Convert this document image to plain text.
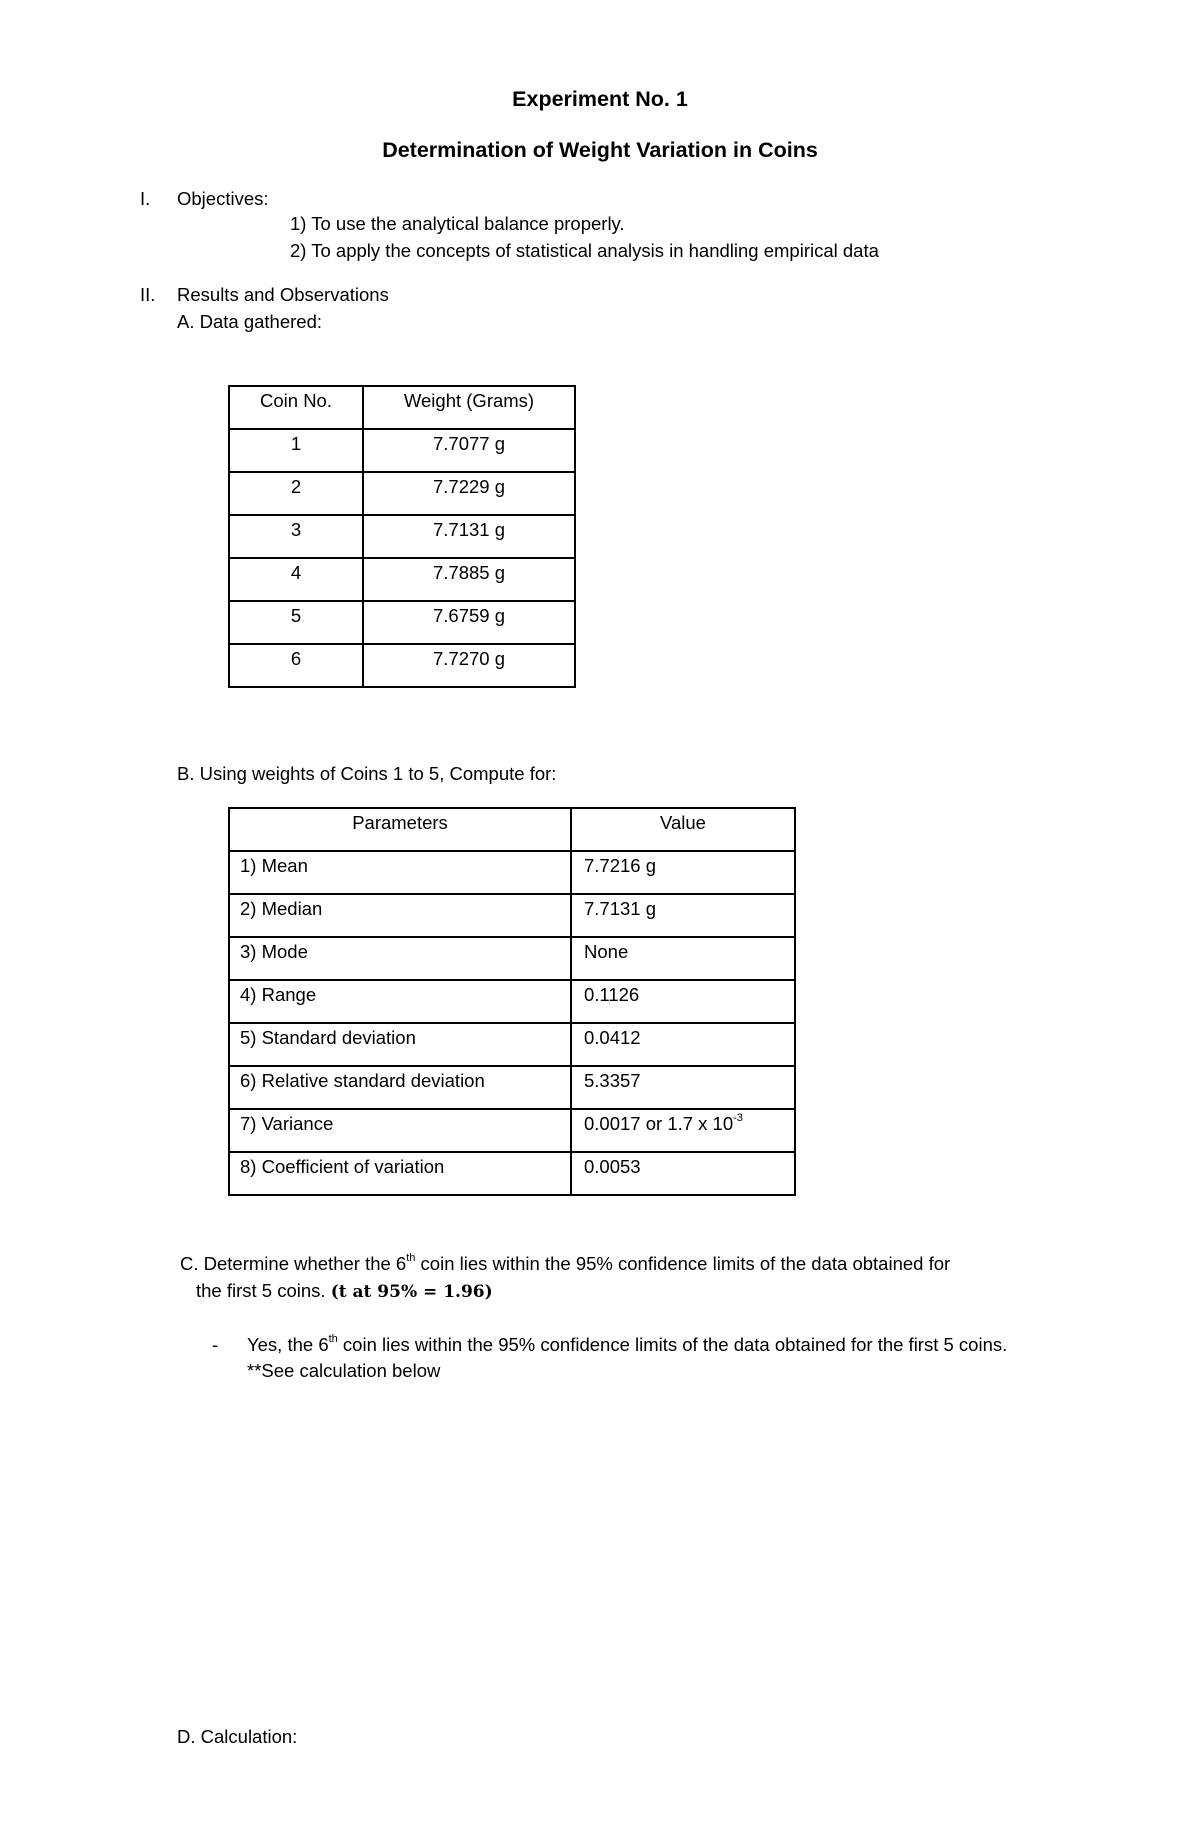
Experiment No. 1
Determination of Weight Variation in Coins
I. Objectives:
1) To use the analytical balance properly.
2) To apply the concepts of statistical analysis in handling empirical data
II. Results and Observations
A. Data gathered:
Coin No.	Weight (Grams)
1	7.7077 g
2	7.7229 g
3	7.7131 g
4	7.7885 g
5	7.6759 g
6	7.7270 g
B. Using weights of Coins 1 to 5, Compute for:
Parameters	Value
1) Mean	7.7216 g
2) Median	7.7131 g
3) Mode	None
4) Range	0.1126
5) Standard deviation	0.0412
6) Relative standard deviation	5.3357
7) Variance	0.0017 or 1.7 x $10^{-3}$
8) Coefficient of variation	0.0053
C. Determine whether the 6th coin lies within the 95% confidence limits of the data obtained for
the first 5 coins. (t at 95% = 1.96)
- Yes, the 6th coin lies within the 95% confidence limits of the data obtained for the first 5 coins.
**See calculation below
D. Calculation:
